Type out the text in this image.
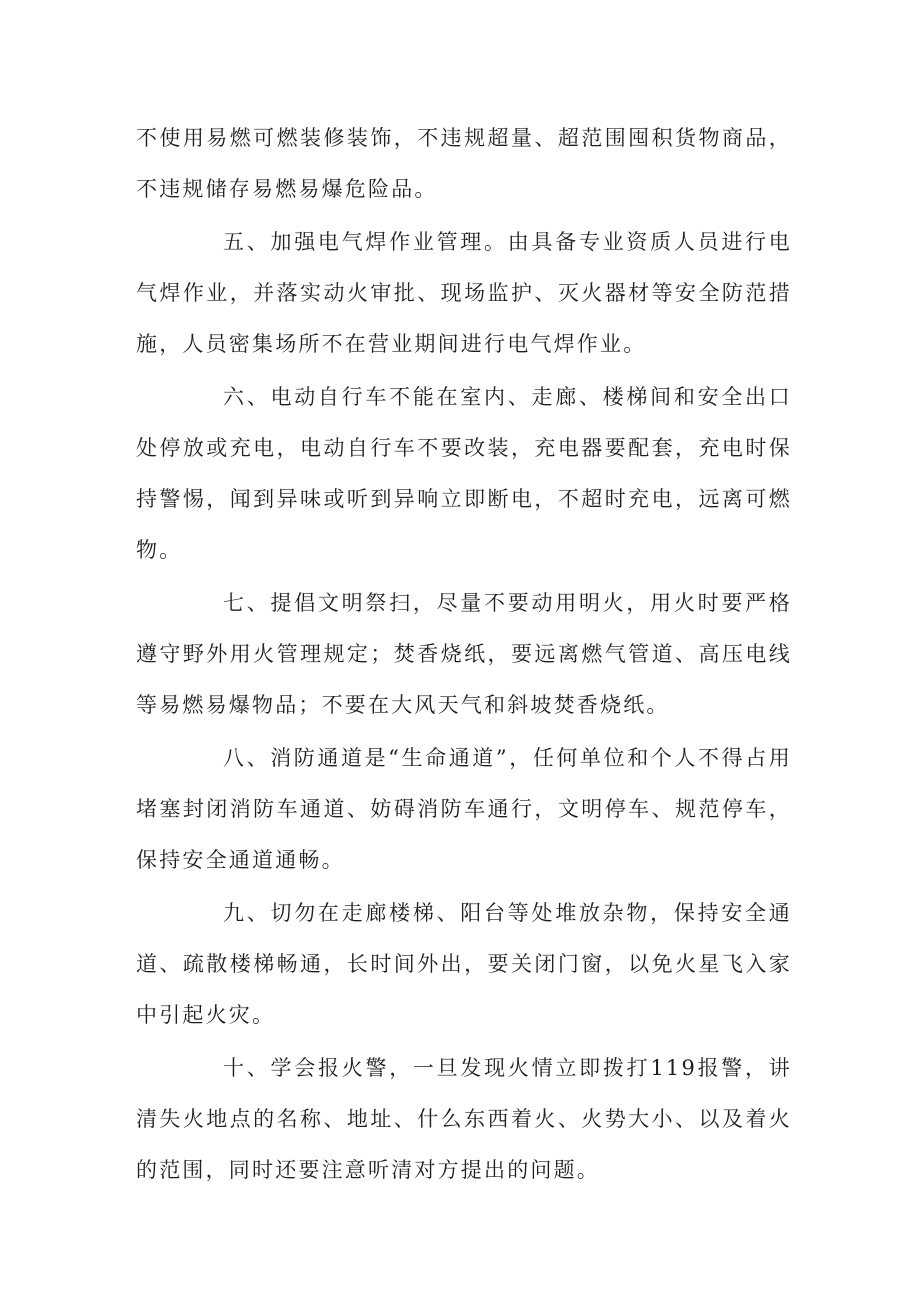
不使用易燃可燃装修装饰，不违规超量、超范围囤积货物商品，不违规储存易燃易爆危险品。

五、加强电气焊作业管理。由具备专业资质人员进行电气焊作业，并落实动火审批、现场监护、灭火器材等安全防范措施，人员密集场所不在营业期间进行电气焊作业。

六、电动自行车不能在室内、走廊、楼梯间和安全出口处停放或充电，电动自行车不要改装，充电器要配套，充电时保持警惕，闻到异味或听到异响立即断电，不超时充电，远离可燃物。

七、提倡文明祭扫，尽量不要动用明火，用火时要严格遵守野外用火管理规定；焚香烧纸，要远离燃气管道、高压电线等易燃易爆物品；不要在大风天气和斜坡焚香烧纸。

八、消防通道是“生命通道”，任何单位和个人不得占用堵塞封闭消防车通道、妨碍消防车通行，文明停车、规范停车，保持安全通道通畅。

九、切勿在走廊楼梯、阳台等处堆放杂物，保持安全通道、疏散楼梯畅通，长时间外出，要关闭门窗，以免火星飞入家中引起火灾。

十、学会报火警，一旦发现火情立即拨打119报警，讲清失火地点的名称、地址、什么东西着火、火势大小、以及着火的范围，同时还要注意听清对方提出的问题。
